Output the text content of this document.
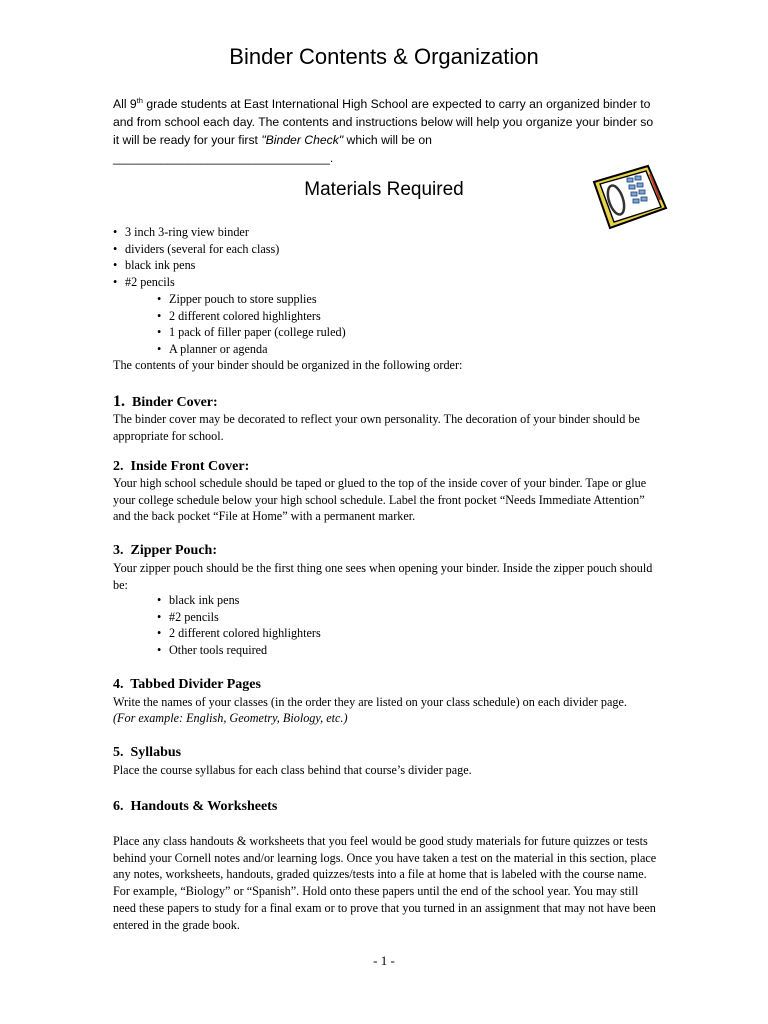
Binder Contents & Organization
All 9th grade students at East International High School are expected to carry an organized binder to and from school each day. The contents and instructions below will help you organize your binder so it will be ready for your first "Binder Check" which will be on
________________________________.
Materials Required
• 3 inch 3-ring view binder
• dividers (several for each class)
• black ink pens
• #2 pencils
• Zipper pouch to store supplies
• 2 different colored highlighters
• 1 pack of filler paper (college ruled)
• A planner or agenda
The contents of your binder should be organized in the following order:
1. Binder Cover:
The binder cover may be decorated to reflect your own personality. The decoration of your binder should be appropriate for school.
2. Inside Front Cover:
Your high school schedule should be taped or glued to the top of the inside cover of your binder. Tape or glue your college schedule below your high school schedule. Label the front pocket “Needs Immediate Attention” and the back pocket “File at Home” with a permanent marker.
3. Zipper Pouch:
Your zipper pouch should be the first thing one sees when opening your binder. Inside the zipper pouch should be:
• black ink pens
• #2 pencils
• 2 different colored highlighters
• Other tools required
4. Tabbed Divider Pages
Write the names of your classes (in the order they are listed on your class schedule) on each divider page.
(For example: English, Geometry, Biology, etc.)
5. Syllabus
Place the course syllabus for each class behind that course’s divider page.
6. Handouts & Worksheets
Place any class handouts & worksheets that you feel would be good study materials for future quizzes or tests behind your Cornell notes and/or learning logs. Once you have taken a test on the material in this section, place any notes, worksheets, handouts, graded quizzes/tests into a file at home that is labeled with the course name. For example, “Biology” or “Spanish”. Hold onto these papers until the end of the school year. You may still need these papers to study for a final exam or to prove that you turned in an assignment that may not have been entered in the grade book.
- 1 -
